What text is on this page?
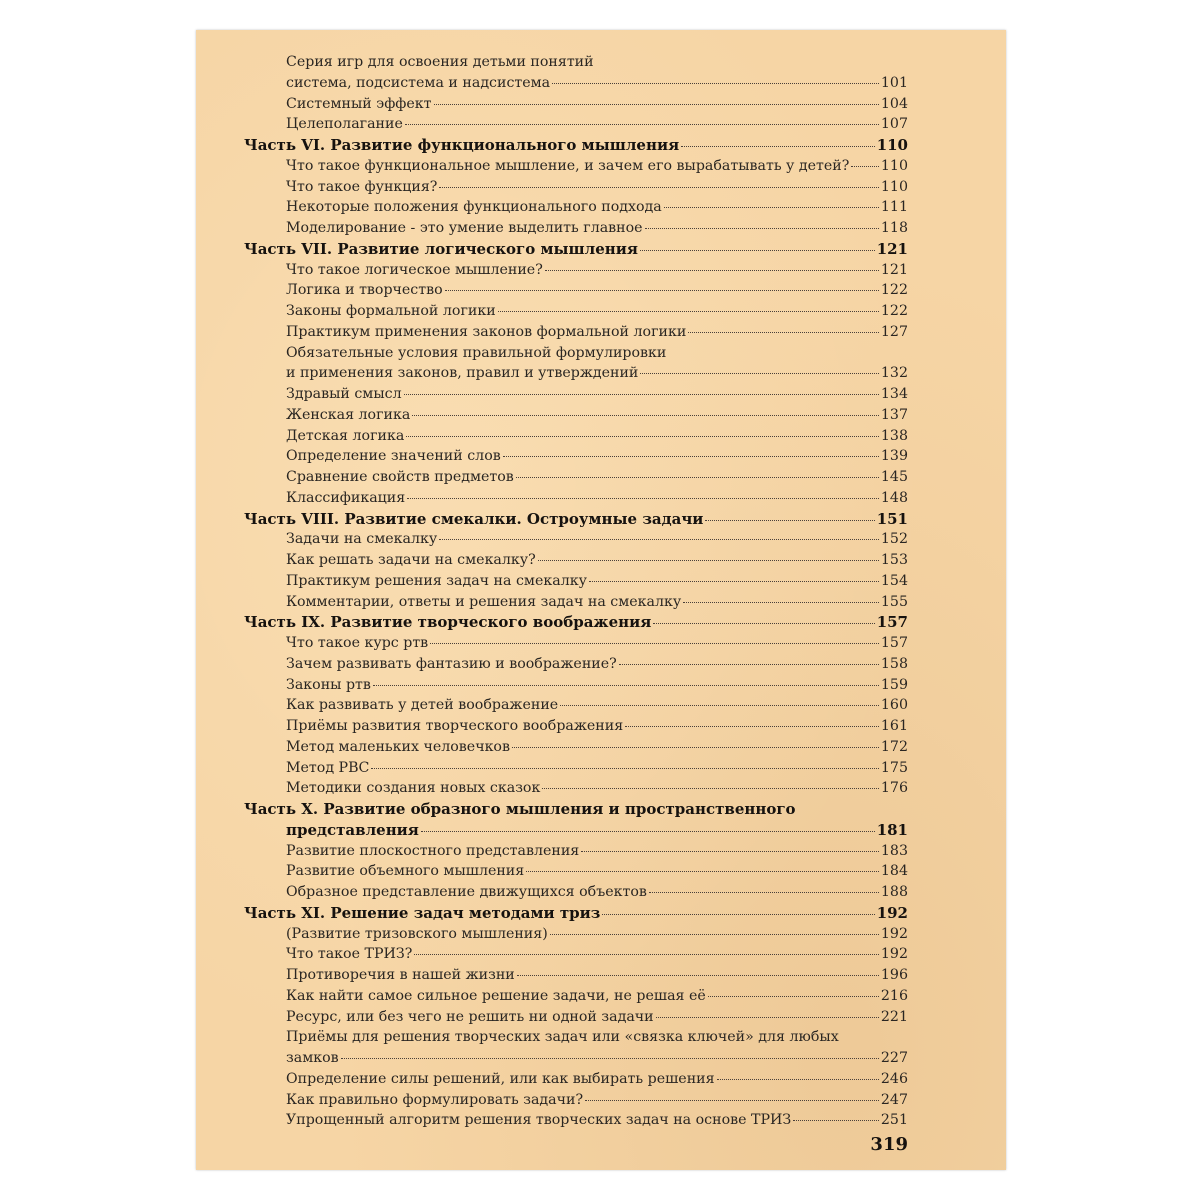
Серия игр для освоения детьми понятий
система, подсистема и надсистема	101
Системный эффект	104
Целеполагание	107
Часть VI. Развитие функционального мышления	110
Что такое функциональное мышление, и зачем его вырабатывать у детей? 110
Что такое функция?	110
Некоторые положения функционального подхода	111
Моделирование - это умение выделить главное	118
Часть VII. Развитие логического мышления	121
Что такое логическое мышление?	121
Логика и творчество	122
Законы формальной логики	122
Практикум применения законов формальной логики	127
Обязательные условия правильной формулировки
и применения законов, правил и утверждений	132
Здравый смысл	134
Женская логика	137
Детская логика	138
Определение значений слов	139
Сравнение свойств предметов	145
Классификация	148
Часть VIII. Развитие смекалки. Остроумные задачи	151
Задачи на смекалку	152
Как решать задачи на смекалку?	153
Практикум решения задач на смекалку	154
Комментарии, ответы и решения задач на смекалку	155
Часть IX. Развитие творческого воображения	157
Что такое курс ртв	157
Зачем развивать фантазию и воображение?	158
Законы ртв	159
Как развивать у детей воображение	160
Приёмы развития творческого воображения	161
Метод маленьких человечков	172
Метод РВС	175
Методики создания новых сказок	176
Часть X. Развитие образного мышления и пространственного
представления	181
Развитие плоскостного представления	183
Развитие объемного мышления	184
Образное представление движущихся объектов	188
Часть XI. Решение задач методами триз	192
(Развитие тризовского мышления)	192
Что такое ТРИЗ?	192
Противоречия в нашей жизни	196
Как найти самое сильное решение задачи, не решая её	216
Ресурс, или без чего не решить ни одной задачи	221
Приёмы для решения творческих задач или «связка ключей» для любых
замков	227
Определение силы решений, или как выбирать решения	246
Как правильно формулировать задачи?	247
Упрощенный алгоритм решения творческих задач на основе ТРИЗ	251
319
